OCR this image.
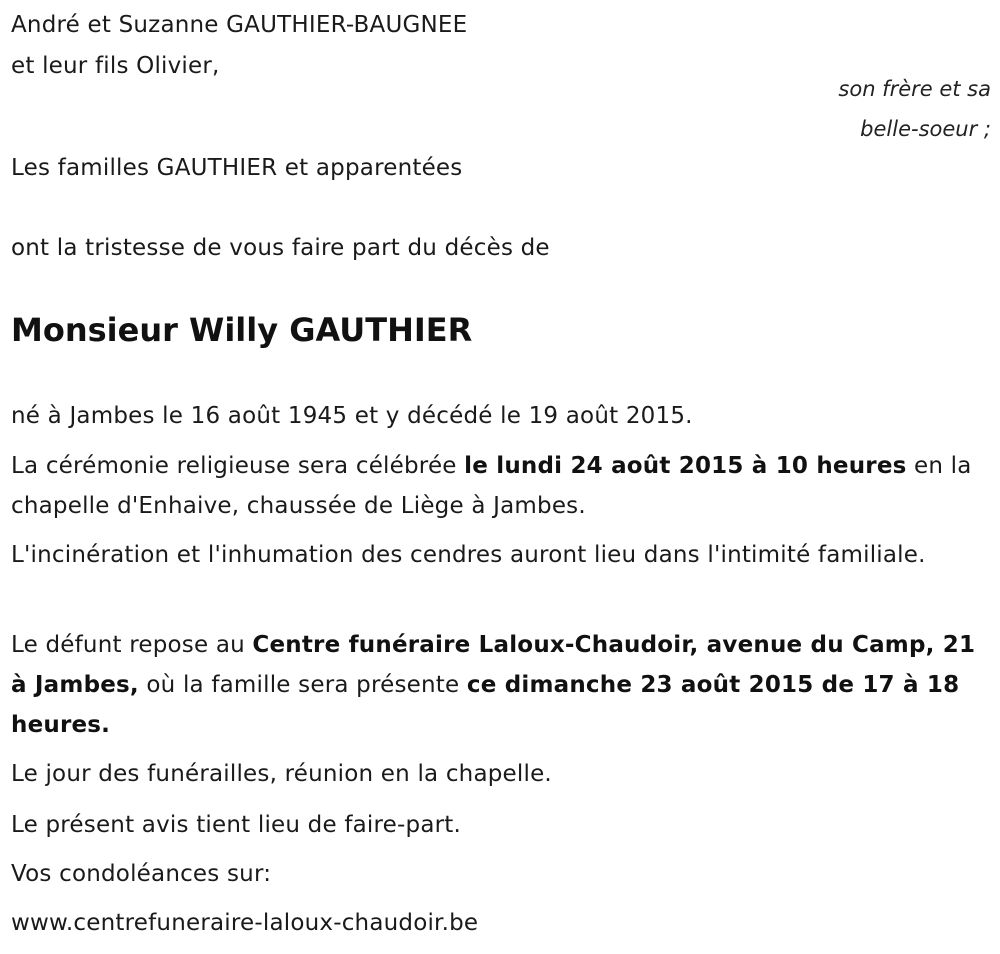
André et Suzanne GAUTHIER-BAUGNEE
et leur fils Olivier,
son frère et sa
belle-soeur ;
Les familles GAUTHIER et apparentées
ont la tristesse de vous faire part du décès de
Monsieur Willy GAUTHIER
né à Jambes le 16 août 1945 et y décédé le 19 août 2015.
La cérémonie religieuse sera célébrée le lundi 24 août 2015 à 10 heures en la chapelle d'Enhaive, chaussée de Liège à Jambes.
L'incinération et l'inhumation des cendres auront lieu dans l'intimité familiale.
Le défunt repose au Centre funéraire Laloux-Chaudoir, avenue du Camp, 21 à Jambes, où la famille sera présente ce dimanche 23 août 2015 de 17 à 18 heures.
Le jour des funérailles, réunion en la chapelle.
Le présent avis tient lieu de faire-part.
Vos condoléances sur:
www.centrefuneraire-laloux-chaudoir.be
